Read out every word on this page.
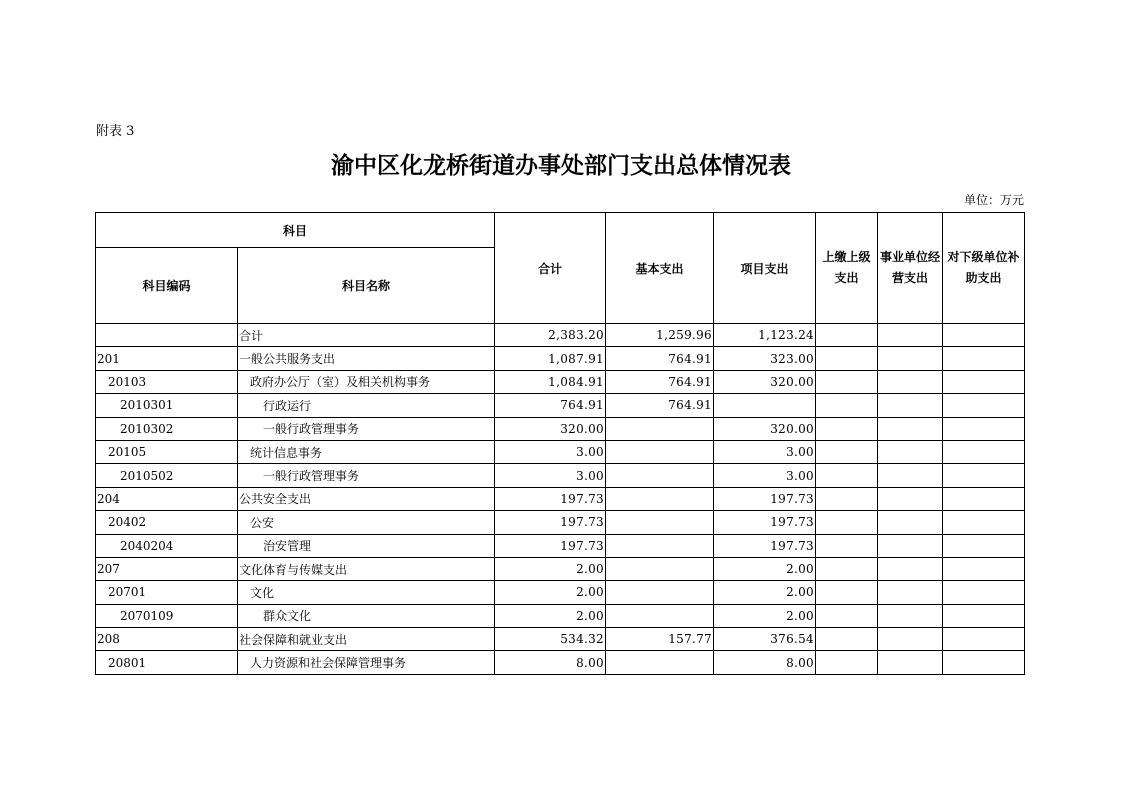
附表 3
渝中区化龙桥街道办事处部门支出总体情况表
单位：万元
科目		合计	基本支出	项目支出	上缴上级支出	事业单位经营支出	对下级单位补助支出
科目编码	科目名称						
	合计	2,383.20	1,259.96	1,123.24			
201	一般公共服务支出	1,087.91	764.91	323.00			
20103	政府办公厅（室）及相关机构事务	1,084.91	764.91	320.00			
2010301	行政运行	764.91	764.91				
2010302	一般行政管理事务	320.00		320.00			
20105	统计信息事务	3.00		3.00			
2010502	一般行政管理事务	3.00		3.00			
204	公共安全支出	197.73		197.73			
20402	公安	197.73		197.73			
2040204	治安管理	197.73		197.73			
207	文化体育与传媒支出	2.00		2.00			
20701	文化	2.00		2.00			
2070109	群众文化	2.00		2.00			
208	社会保障和就业支出	534.32	157.77	376.54			
20801	人力资源和社会保障管理事务	8.00		8.00			
